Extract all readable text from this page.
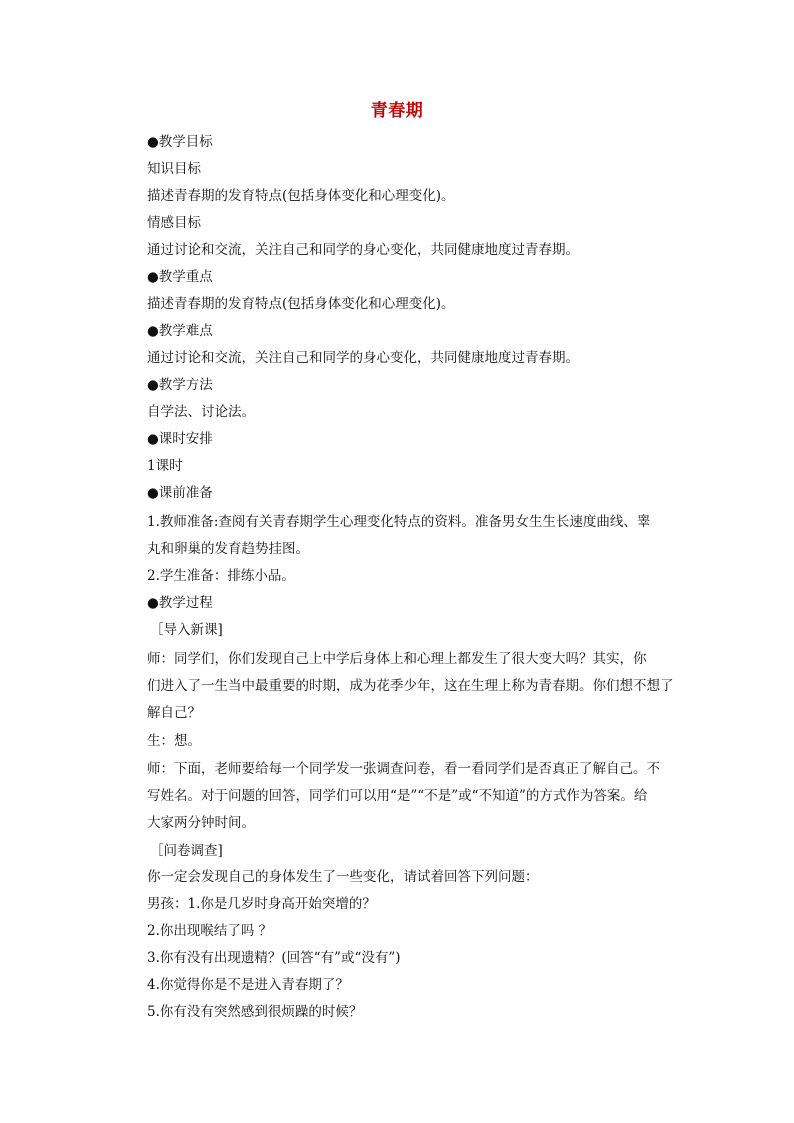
青春期
●教学目标
知识目标
描述青春期的发育特点(包括身体变化和心理变化)。
情感目标
通过讨论和交流，关注自己和同学的身心变化，共同健康地度过青春期。
●教学重点
描述青春期的发育特点(包括身体变化和心理变化)。
●教学难点
通过讨论和交流，关注自己和同学的身心变化，共同健康地度过青春期。
●教学方法
自学法、讨论法。
●课时安排
1课时
●课前准备
1.教师准备:查阅有关青春期学生心理变化特点的资料。准备男女生生长速度曲线、睾
丸和卵巢的发育趋势挂图。
2.学生准备：排练小品。
●教学过程
［导入新课]
师：同学们，你们发现自己上中学后身体上和心理上都发生了很大变大吗？其实，你
们进入了一生当中最重要的时期，成为花季少年，这在生理上称为青春期。你们想不想了
解自己？
生：想。
师：下面，老师要给每一个同学发一张调查问卷，看一看同学们是否真正了解自己。不
写姓名。对于问题的回答，同学们可以用“是”“不是”或“不知道”的方式作为答案。给
大家两分钟时间。
［问卷调查]
你一定会发现自己的身体发生了一些变化，请试着回答下列问题：
男孩：1.你是几岁时身高开始突增的？
2.你出现喉结了吗 ？
3.你有没有出现遗精？(回答“有”或“没有”)
4.你觉得你是不是进入青春期了？
5.你有没有突然感到很烦躁的时候？
